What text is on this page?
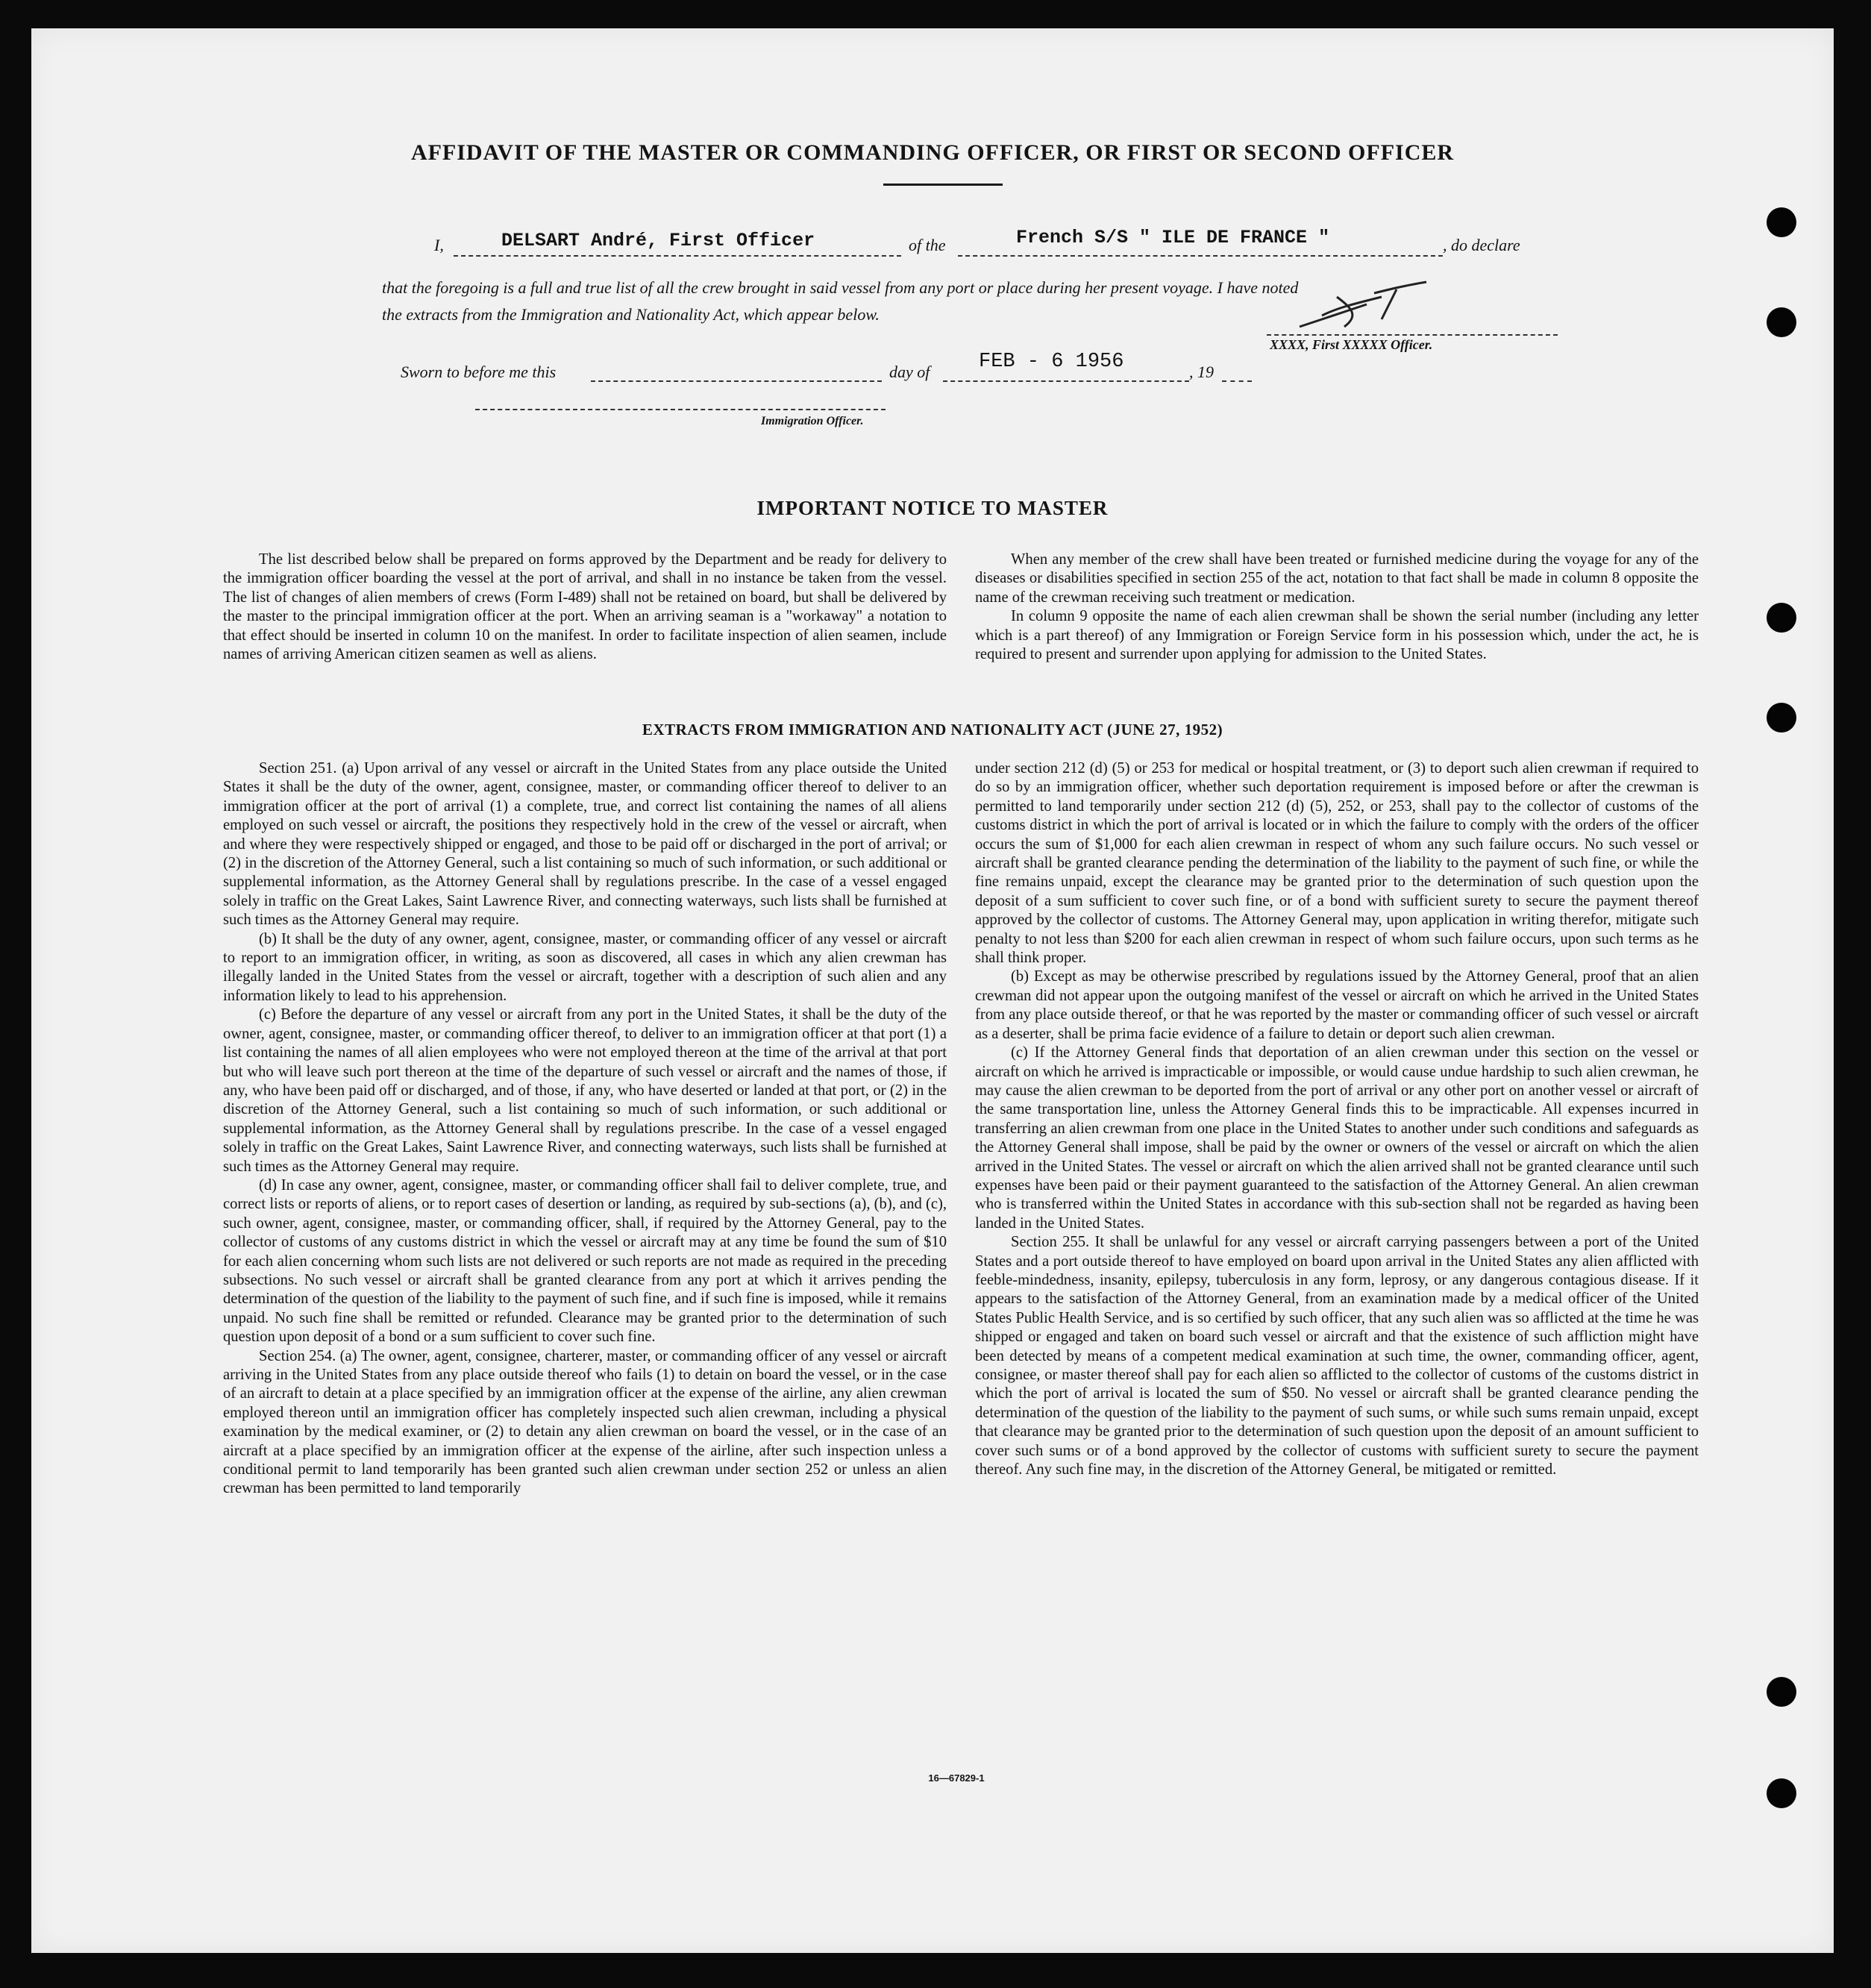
AFFIDAVIT OF THE MASTER OR COMMANDING OFFICER, OR FIRST OR SECOND OFFICER
I,	DELSART André, First Officer	of the	French S/S " ILE DE FRANCE "	, do declare
that the foregoing is a full and true list of all the crew brought in said vessel from any port or place during her present voyage. I have noted
the extracts from the Immigration and Nationality Act, which appear below.
XXXX, First XXXXX Officer.
Sworn to before me this	day of FEB - 6 1956	, 19
Immigration Officer.
IMPORTANT NOTICE TO MASTER

The list described below shall be prepared on forms approved by the Department and be ready for delivery to the immigration officer boarding the vessel at the port of arrival, and shall in no instance be taken from the vessel. The list of changes of alien members of crews (Form I-489) shall not be retained on board, but shall be delivered by the master to the principal immigration officer at the port. When an arriving seaman is a "workaway" a notation to that effect should be inserted in column 10 on the manifest. In order to facilitate inspection of alien seamen, include names of arriving American citizen seamen as well as aliens.

When any member of the crew shall have been treated or furnished medicine during the voyage for any of the diseases or disabilities specified in section 255 of the act, notation to that fact shall be made in column 8 opposite the name of the crewman receiving such treatment or medication.

In column 9 opposite the name of each alien crewman shall be shown the serial number (including any letter which is a part thereof) of any Immigration or Foreign Service form in his possession which, under the act, he is required to present and surrender upon applying for admission to the United States.

EXTRACTS FROM IMMIGRATION AND NATIONALITY ACT (JUNE 27, 1952)

Section 251. (a) Upon arrival of any vessel or aircraft in the United States from any place outside the United States it shall be the duty of the owner, agent, consignee, master, or commanding officer thereof to deliver to an immigration officer at the port of arrival (1) a complete, true, and correct list containing the names of all aliens employed on such vessel or aircraft, the positions they respectively hold in the crew of the vessel or aircraft, when and where they were respectively shipped or engaged, and those to be paid off or discharged in the port of arrival; or (2) in the discretion of the Attorney General, such a list containing so much of such information, or such additional or supplemental information, as the Attorney General shall by regulations prescribe. In the case of a vessel engaged solely in traffic on the Great Lakes, Saint Lawrence River, and connecting waterways, such lists shall be furnished at such times as the Attorney General may require.

(b) It shall be the duty of any owner, agent, consignee, master, or commanding officer of any vessel or aircraft to report to an immigration officer, in writing, as soon as discovered, all cases in which any alien crewman has illegally landed in the United States from the vessel or aircraft, together with a description of such alien and any information likely to lead to his apprehension.

(c) Before the departure of any vessel or aircraft from any port in the United States, it shall be the duty of the owner, agent, consignee, master, or commanding officer thereof, to deliver to an immigration officer at that port (1) a list containing the names of all alien employees who were not employed thereon at the time of the arrival at that port but who will leave such port thereon at the time of the departure of such vessel or aircraft and the names of those, if any, who have been paid off or discharged, and of those, if any, who have deserted or landed at that port, or (2) in the discretion of the Attorney General, such a list containing so much of such information, or such additional or supplemental information, as the Attorney General shall by regulations prescribe. In the case of a vessel engaged solely in traffic on the Great Lakes, Saint Lawrence River, and connecting waterways, such lists shall be furnished at such times as the Attorney General may require.

(d) In case any owner, agent, consignee, master, or commanding officer shall fail to deliver complete, true, and correct lists or reports of aliens, or to report cases of desertion or landing, as required by sub-sections (a), (b), and (c), such owner, agent, consignee, master, or commanding officer, shall, if required by the Attorney General, pay to the collector of customs of any customs district in which the vessel or aircraft may at any time be found the sum of $10 for each alien concerning whom such lists are not delivered or such reports are not made as required in the preceding subsections. No such vessel or aircraft shall be granted clearance from any port at which it arrives pending the determination of the question of the liability to the payment of such fine, and if such fine is imposed, while it remains unpaid. No such fine shall be remitted or refunded. Clearance may be granted prior to the determination of such question upon deposit of a bond or a sum sufficient to cover such fine.

Section 254. (a) The owner, agent, consignee, charterer, master, or commanding officer of any vessel or aircraft arriving in the United States from any place outside thereof who fails (1) to detain on board the vessel, or in the case of an aircraft to detain at a place specified by an immigration officer at the expense of the airline, any alien crewman employed thereon until an immigration officer has completely inspected such alien crewman, including a physical examination by the medical examiner, or (2) to detain any alien crewman on board the vessel, or in the case of an aircraft at a place specified by an immigration officer at the expense of the airline, after such inspection unless a conditional permit to land temporarily has been granted such alien crewman under section 252 or unless an alien crewman has been permitted to land temporarily

under section 212 (d) (5) or 253 for medical or hospital treatment, or (3) to deport such alien crewman if required to do so by an immigration officer, whether such deportation requirement is imposed before or after the crewman is permitted to land temporarily under section 212 (d) (5), 252, or 253, shall pay to the collector of customs of the customs district in which the port of arrival is located or in which the failure to comply with the orders of the officer occurs the sum of $1,000 for each alien crewman in respect of whom any such failure occurs. No such vessel or aircraft shall be granted clearance pending the determination of the liability to the payment of such fine, or while the fine remains unpaid, except the clearance may be granted prior to the determination of such question upon the deposit of a sum sufficient to cover such fine, or of a bond with sufficient surety to secure the payment thereof approved by the collector of customs. The Attorney General may, upon application in writing therefor, mitigate such penalty to not less than $200 for each alien crewman in respect of whom such failure occurs, upon such terms as he shall think proper.

(b) Except as may be otherwise prescribed by regulations issued by the Attorney General, proof that an alien crewman did not appear upon the outgoing manifest of the vessel or aircraft on which he arrived in the United States from any place outside thereof, or that he was reported by the master or commanding officer of such vessel or aircraft as a deserter, shall be prima facie evidence of a failure to detain or deport such alien crewman.

(c) If the Attorney General finds that deportation of an alien crewman under this section on the vessel or aircraft on which he arrived is impracticable or impossible, or would cause undue hardship to such alien crewman, he may cause the alien crewman to be deported from the port of arrival or any other port on another vessel or aircraft of the same transportation line, unless the Attorney General finds this to be impracticable. All expenses incurred in transferring an alien crewman from one place in the United States to another under such conditions and safeguards as the Attorney General shall impose, shall be paid by the owner or owners of the vessel or aircraft on which the alien arrived in the United States. The vessel or aircraft on which the alien arrived shall not be granted clearance until such expenses have been paid or their payment guaranteed to the satisfaction of the Attorney General. An alien crewman who is transferred within the United States in accordance with this sub-section shall not be regarded as having been landed in the United States.

Section 255. It shall be unlawful for any vessel or aircraft carrying passengers between a port of the United States and a port outside thereof to have employed on board upon arrival in the United States any alien afflicted with feeble-mindedness, insanity, epilepsy, tuberculosis in any form, leprosy, or any dangerous contagious disease. If it appears to the satisfaction of the Attorney General, from an examination made by a medical officer of the United States Public Health Service, and is so certified by such officer, that any such alien was so afflicted at the time he was shipped or engaged and taken on board such vessel or aircraft and that the existence of such affliction might have been detected by means of a competent medical examination at such time, the owner, commanding officer, agent, consignee, or master thereof shall pay for each alien so afflicted to the collector of customs of the customs district in which the port of arrival is located the sum of $50. No vessel or aircraft shall be granted clearance pending the determination of the question of the liability to the payment of such sums, or while such sums remain unpaid, except that clearance may be granted prior to the determination of such question upon the deposit of an amount sufficient to cover such sums or of a bond approved by the collector of customs with sufficient surety to secure the payment thereof. Any such fine may, in the discretion of the Attorney General, be mitigated or remitted.

16—67829-1
